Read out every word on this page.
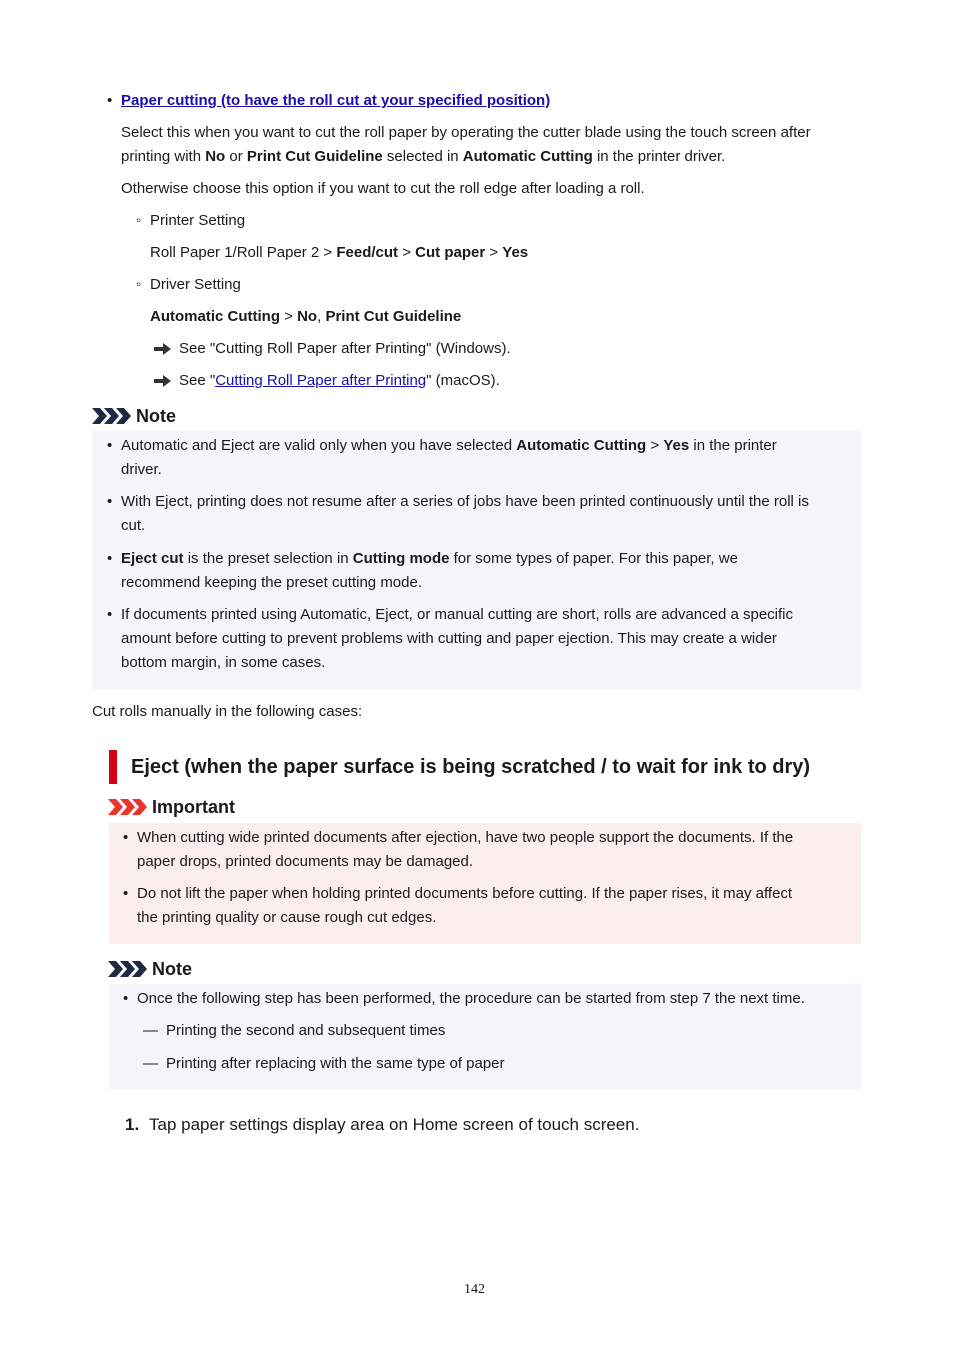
• Paper cutting (to have the roll cut at your specified position)
Select this when you want to cut the roll paper by operating the cutter blade using the touch screen after
printing with No or Print Cut Guideline selected in Automatic Cutting in the printer driver.
Otherwise choose this option if you want to cut the roll edge after loading a roll.
◦ Printer Setting
Roll Paper 1/Roll Paper 2 > Feed/cut > Cut paper > Yes
◦ Driver Setting
Automatic Cutting > No, Print Cut Guideline
See "Cutting Roll Paper after Printing" (Windows).
See "Cutting Roll Paper after Printing" (macOS).
Note
• Automatic and Eject are valid only when you have selected Automatic Cutting > Yes in the printer
driver.
• With Eject, printing does not resume after a series of jobs have been printed continuously until the roll is
cut.
• Eject cut is the preset selection in Cutting mode for some types of paper. For this paper, we
recommend keeping the preset cutting mode.
• If documents printed using Automatic, Eject, or manual cutting are short, rolls are advanced a specific
amount before cutting to prevent problems with cutting and paper ejection. This may create a wider
bottom margin, in some cases.
Cut rolls manually in the following cases:
Eject (when the paper surface is being scratched / to wait for ink to dry)
Important
• When cutting wide printed documents after ejection, have two people support the documents. If the
paper drops, printed documents may be damaged.
• Do not lift the paper when holding printed documents before cutting. If the paper rises, it may affect
the printing quality or cause rough cut edges.
Note
• Once the following step has been performed, the procedure can be started from step 7 the next time.
— Printing the second and subsequent times
— Printing after replacing with the same type of paper
1. Tap paper settings display area on Home screen of touch screen.
142
